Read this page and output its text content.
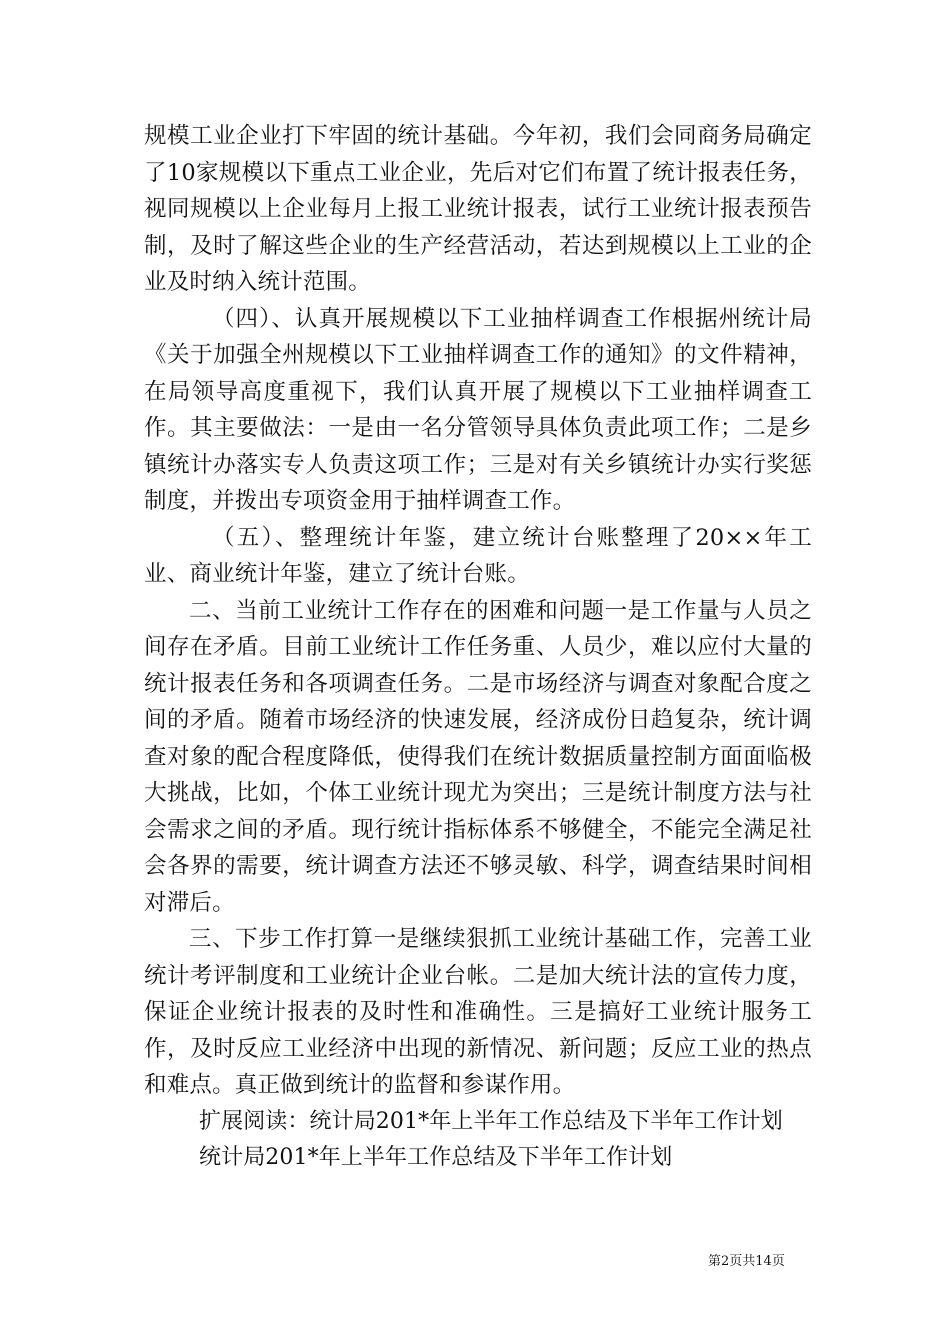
规模工业企业打下牢固的统计基础。今年初，我们会同商务局确定了10家规模以下重点工业企业，先后对它们布置了统计报表任务，视同规模以上企业每月上报工业统计报表，试行工业统计报表预告制，及时了解这些企业的生产经营活动，若达到规模以上工业的企业及时纳入统计范围。

（四）、认真开展规模以下工业抽样调查工作根据州统计局《关于加强全州规模以下工业抽样调查工作的通知》的文件精神，在局领导高度重视下，我们认真开展了规模以下工业抽样调查工作。其主要做法：一是由一名分管领导具体负责此项工作；二是乡镇统计办落实专人负责这项工作；三是对有关乡镇统计办实行奖惩制度，并拨出专项资金用于抽样调查工作。

（五）、整理统计年鉴，建立统计台账整理了20××年工业、商业统计年鉴，建立了统计台账。

二、当前工业统计工作存在的困难和问题一是工作量与人员之间存在矛盾。目前工业统计工作任务重、人员少，难以应付大量的统计报表任务和各项调查任务。二是市场经济与调查对象配合度之间的矛盾。随着市场经济的快速发展，经济成份日趋复杂，统计调查对象的配合程度降低，使得我们在统计数据质量控制方面面临极大挑战，比如，个体工业统计现尤为突出；三是统计制度方法与社会需求之间的矛盾。现行统计指标体系不够健全，不能完全满足社会各界的需要，统计调查方法还不够灵敏、科学，调查结果时间相对滞后。

三、下步工作打算一是继续狠抓工业统计基础工作，完善工业统计考评制度和工业统计企业台帐。二是加大统计法的宣传力度，保证企业统计报表的及时性和准确性。三是搞好工业统计服务工作，及时反应工业经济中出现的新情况、新问题；反应工业的热点和难点。真正做到统计的监督和参谋作用。

扩展阅读：统计局201*年上半年工作总结及下半年工作计划

统计局201*年上半年工作总结及下半年工作计划

第2页共14页
